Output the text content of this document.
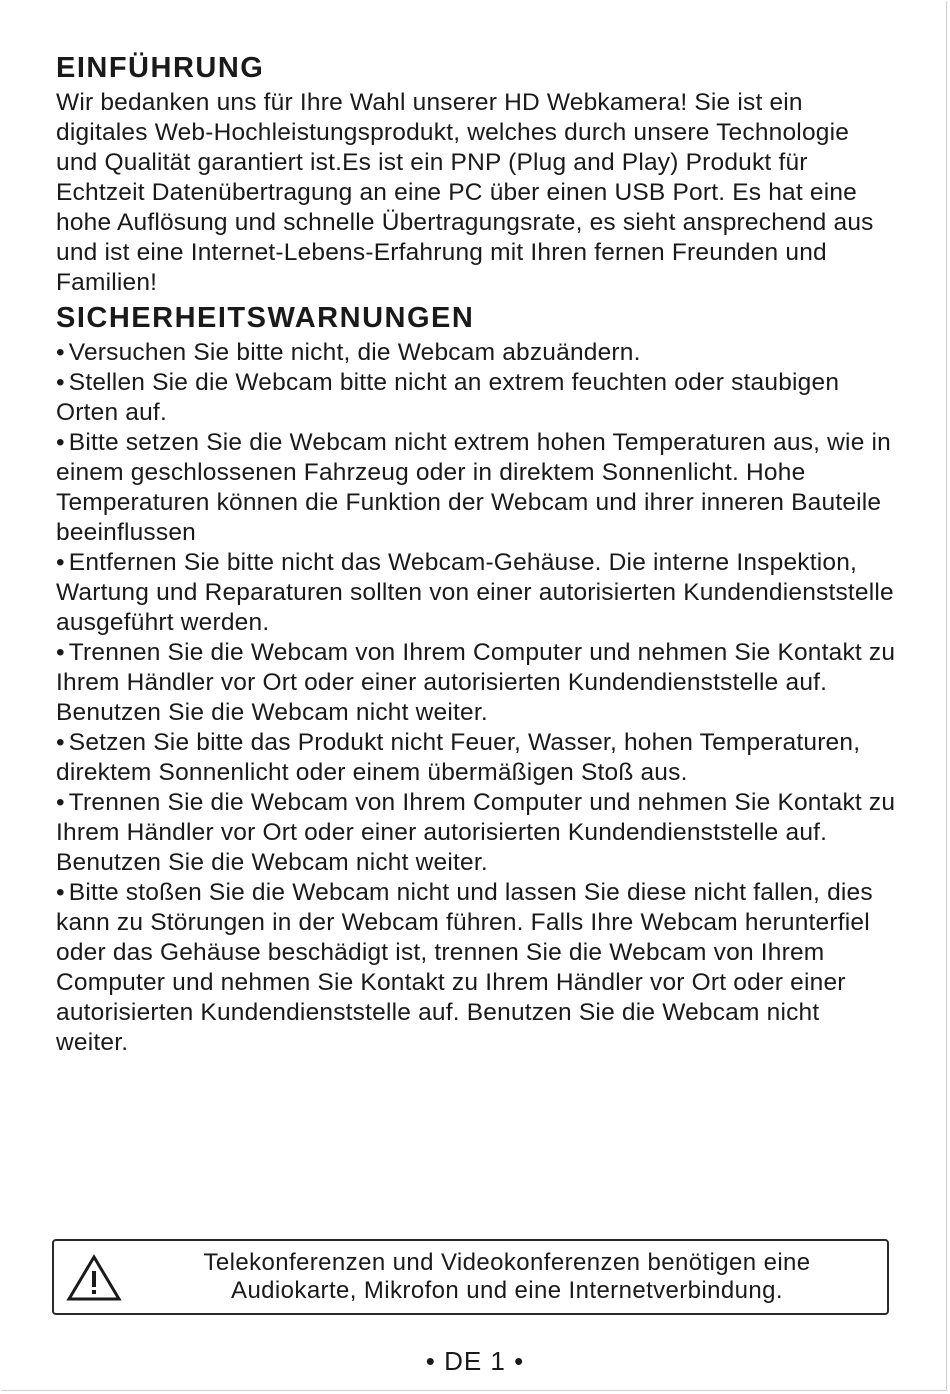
EINFÜHRUNG

Wir bedanken uns für Ihre Wahl unserer HD Webkamera! Sie ist ein digitales Web-Hochleistungsprodukt, welches durch unsere Technologie und Qualität garantiert ist.Es ist ein PNP (Plug and Play) Produkt für Echtzeit Datenübertragung an eine PC über einen USB Port. Es hat eine hohe Auflösung und schnelle Übertragungsrate, es sieht ansprechend aus und ist eine Internet-Lebens-Erfahrung mit Ihren fernen Freunden und Familien!

SICHERHEITSWARNUNGEN
• Versuchen Sie bitte nicht, die Webcam abzuändern.
• Stellen Sie die Webcam bitte nicht an extrem feuchten oder staubigen Orten auf.
• Bitte setzen Sie die Webcam nicht extrem hohen Temperaturen aus, wie in einem geschlossenen Fahrzeug oder in direktem Sonnenlicht. Hohe Temperaturen können die Funktion der Webcam und ihrer inneren Bauteile beeinflussen
• Entfernen Sie bitte nicht das Webcam-Gehäuse. Die interne Inspektion, Wartung und Reparaturen sollten von einer autorisierten Kundendienststelle ausgeführt werden.
• Trennen Sie die Webcam von Ihrem Computer und nehmen Sie Kontakt zu Ihrem Händler vor Ort oder einer autorisierten Kundendienststelle auf. Benutzen Sie die Webcam nicht weiter.
• Setzen Sie bitte das Produkt nicht Feuer, Wasser, hohen Temperaturen, direktem Sonnenlicht oder einem übermäßigen Stoß aus.
• Trennen Sie die Webcam von Ihrem Computer und nehmen Sie Kontakt zu Ihrem Händler vor Ort oder einer autorisierten Kundendienststelle auf. Benutzen Sie die Webcam nicht weiter.
• Bitte stoßen Sie die Webcam nicht und lassen Sie diese nicht fallen, dies kann zu Störungen in der Webcam führen. Falls Ihre Webcam herunterfiel oder das Gehäuse beschädigt ist, trennen Sie die Webcam von Ihrem Computer und nehmen Sie Kontakt zu Ihrem Händler vor Ort oder einer autorisierten Kundendienststelle auf. Benutzen Sie die Webcam nicht weiter.
Telekonferenzen und Videokonferenzen benötigen eine
Audiokarte, Mikrofon und eine Internetverbindung.
• DE 1 •
